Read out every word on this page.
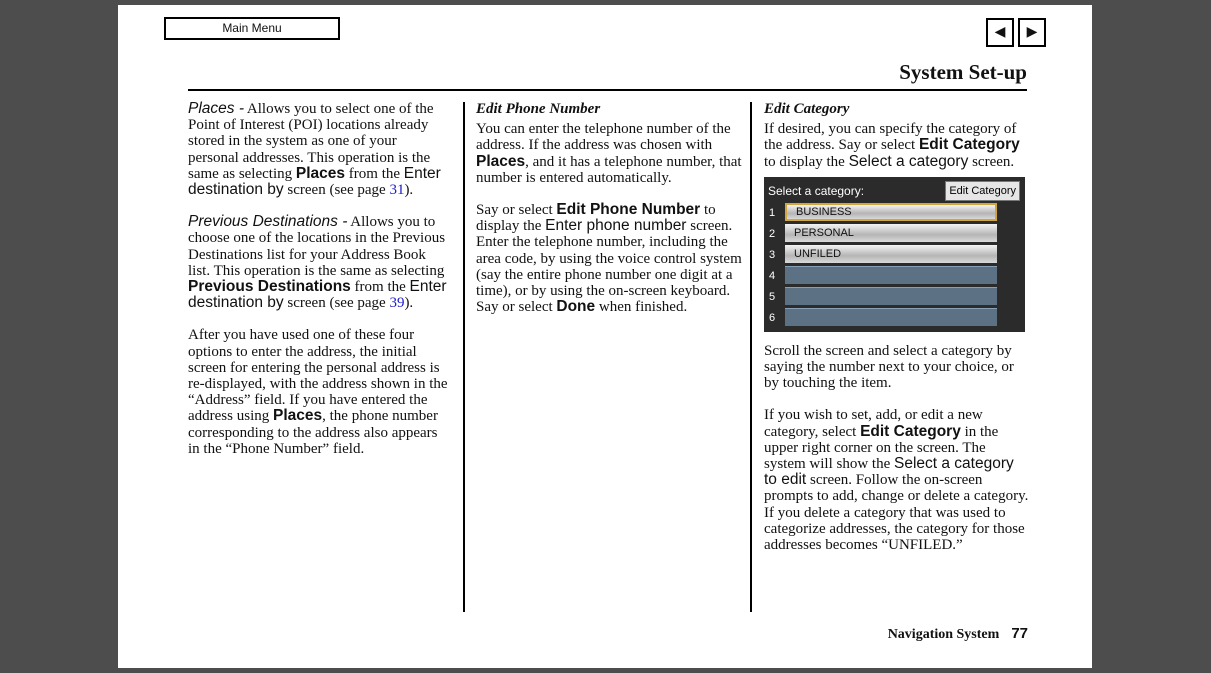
Main Menu	◀	▶
System Set-up

Places - Allows you to select one of the Point of Interest (POI) locations already stored in the system as one of your personal addresses. This operation is the same as selecting Places from the Enter destination by screen (see page 31).

Previous Destinations - Allows you to choose one of the locations in the Previous Destinations list for your Address Book list. This operation is the same as selecting Previous Destinations from the Enter destination by screen (see page 39).

After you have used one of these four options to enter the address, the initial screen for entering the personal address is re-displayed, with the address shown in the “Address” field. If you have entered the address using Places, the phone number corresponding to the address also appears in the “Phone Number” field.

Edit Phone Number

You can enter the telephone number of the address. If the address was chosen with Places, and it has a telephone number, that number is entered automatically.

Say or select Edit Phone Number to display the Enter phone number screen. Enter the telephone number, including the area code, by using the voice control system (say the entire phone number one digit at a time), or by using the on-screen keyboard. Say or select Done when finished.

Edit Category

If desired, you can specify the category of the address. Say or select Edit Category to display the Select a category screen.

Select a category:	Edit Category
1	BUSINESS
2	PERSONAL
3	UNFILED
4
5
6

Scroll the screen and select a category by saying the number next to your choice, or by touching the item.

If you wish to set, add, or edit a new category, select Edit Category in the upper right corner on the screen. The system will show the Select a category to edit screen. Follow the on-screen prompts to add, change or delete a category. If you delete a category that was used to categorize addresses, the category for those addresses becomes “UNFILED.”

Navigation System 77
